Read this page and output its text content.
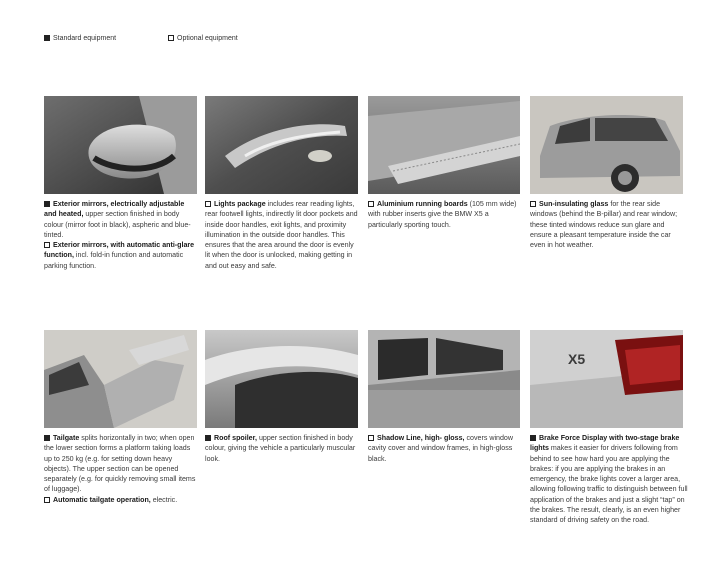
Standard equipment	Optional equipment

Exterior mirrors, electrically adjustable and heated, upper section finished in body colour (mirror foot in black), aspheric and blue-tinted.

Exterior mirrors, with automatic anti-glare function, incl. fold-in function and automatic parking function.

Lights package includes rear reading lights, rear footwell lights, indirectly lit door pockets and inside door handles, exit lights, and proximity illumination in the outside door handles. This ensures that the area around the door is evenly lit when the door is unlocked, making getting in and out easy and safe.

Aluminium running boards (105 mm wide) with rubber inserts give the BMW X5 a particularly sporting touch.

Sun-insulating glass for the rear side windows (behind the B-pillar) and rear window; these tinted windows reduce sun glare and ensure a pleasant temperature inside the car even in hot weather.

X5

Tailgate splits horizontally in two; when open the lower section forms a platform taking loads up to 250 kg (e.g. for setting down heavy objects). The upper section can be opened separately (e.g. for quickly removing small items of luggage).

Automatic tailgate operation, electric.

Roof spoiler, upper section finished in body colour, giving the vehicle a particularly muscular look.

Shadow Line, high- gloss, covers window cavity cover and window frames, in high-gloss black.

Brake Force Display with two-stage brake lights makes it easier for drivers following from behind to see how hard you are applying the brakes: if you are applying the brakes in an emergency, the brake lights cover a larger area, allowing following traffic to distinguish between full application of the brakes and just a slight “tap” on the brakes. The result, clearly, is an even higher standard of driving safety on the road.
